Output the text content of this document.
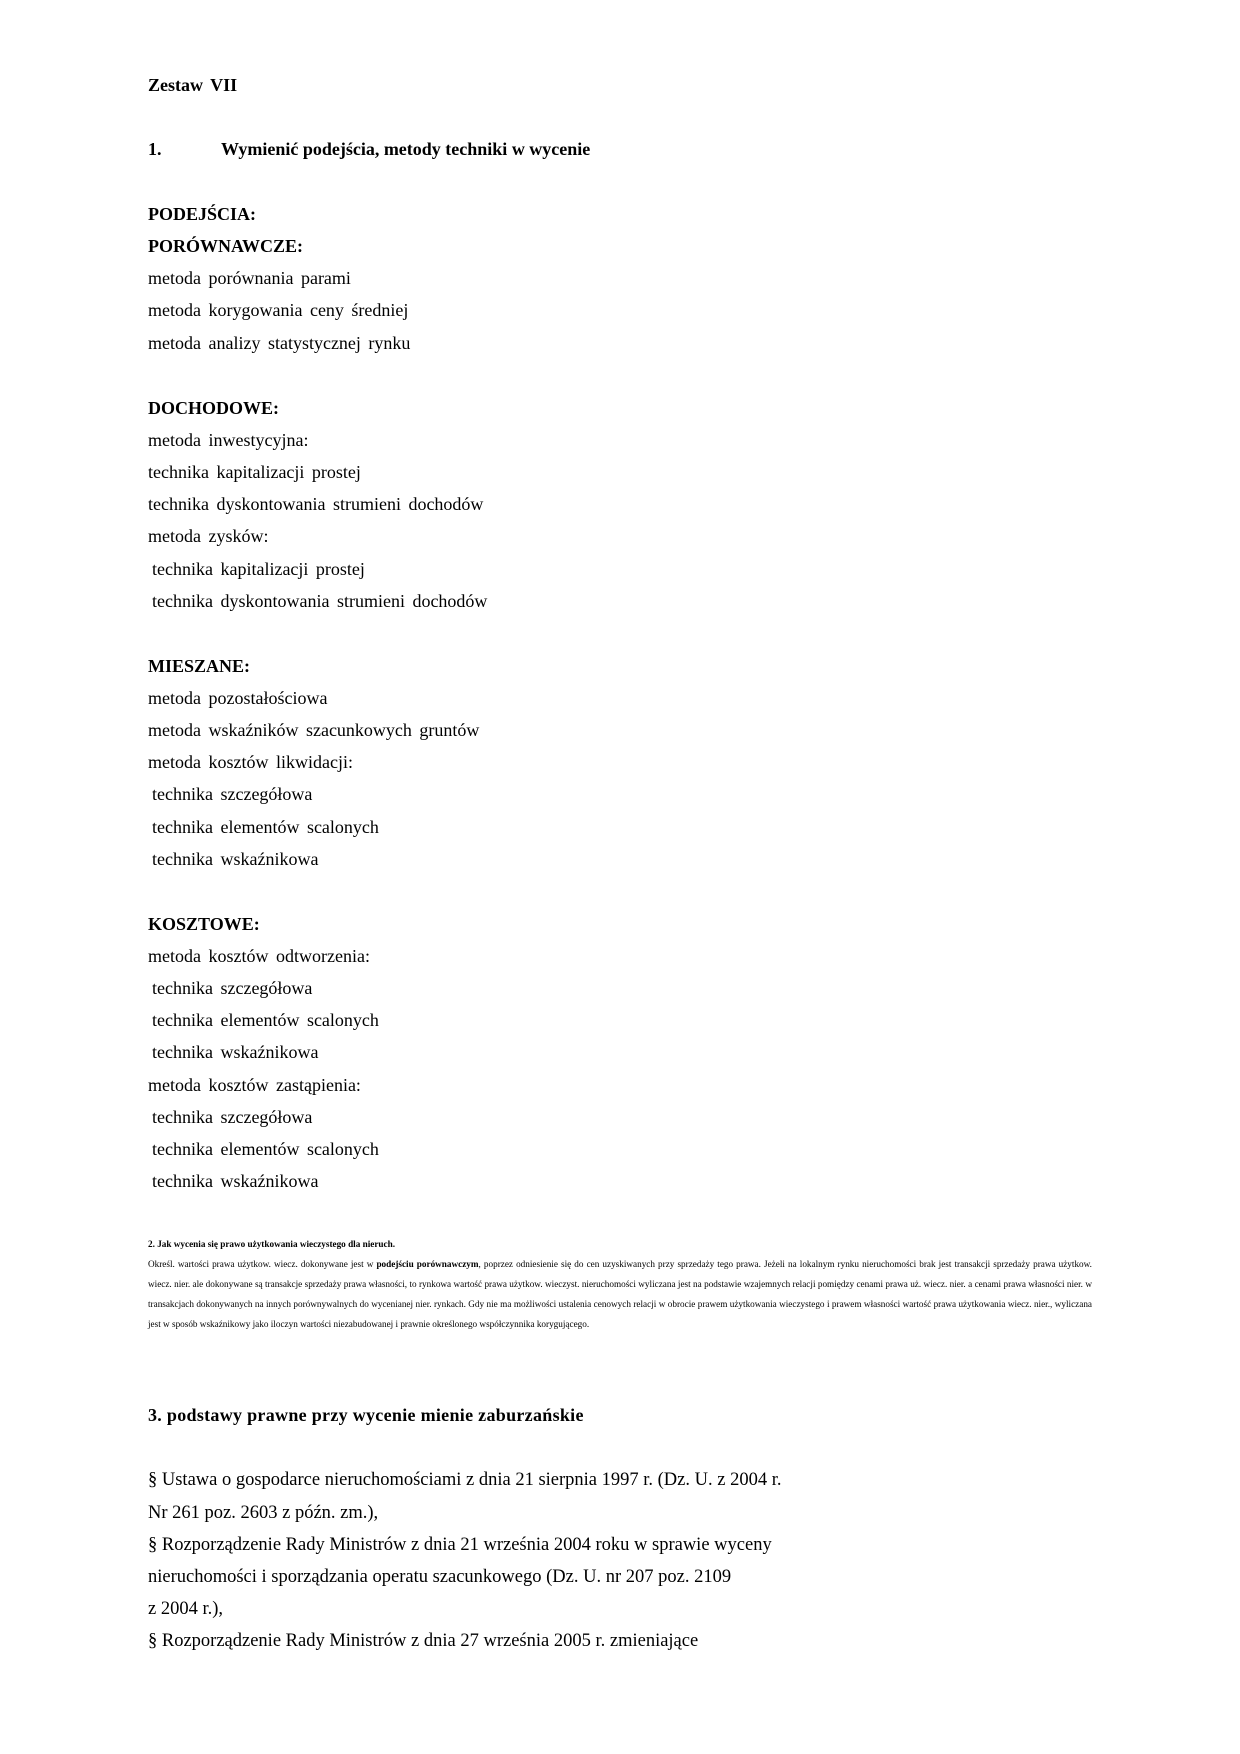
Zestaw VII
1.	Wymienić podejścia, metody techniki w wycenie
PODEJŚCIA:
PORÓWNAWCZE:
metoda porównania parami
metoda korygowania ceny średniej
metoda analizy statystycznej rynku
DOCHODOWE:
metoda inwestycyjna:
technika kapitalizacji prostej
technika dyskontowania strumieni dochodów
metoda zysków:
technika kapitalizacji prostej
technika dyskontowania strumieni dochodów
MIESZANE:
metoda pozostałościowa
metoda wskaźników szacunkowych gruntów
metoda kosztów likwidacji:
technika szczegółowa
technika elementów scalonych
technika wskaźnikowa
KOSZTOWE:
metoda kosztów odtworzenia:
technika szczegółowa
technika elementów scalonych
technika wskaźnikowa
metoda kosztów zastąpienia:
technika szczegółowa
technika elementów scalonych
technika wskaźnikowa
2. Jak wycenia się prawo użytkowania wieczystego dla nieruch.
Określ. wartości prawa użytkow. wiecz. dokonywane jest w podejściu porównawczym, poprzez odniesienie się do cen uzyskiwanych przy sprzedaży tego prawa. Jeżeli na lokalnym rynku nieruchomości brak jest transakcji sprzedaży prawa użytkow. wiecz. nier. ale dokonywane są transakcje sprzedaży prawa własności, to rynkowa wartość prawa użytkow. wieczyst. nieruchomości wyliczana jest na podstawie wzajemnych relacji pomiędzy cenami prawa uż. wiecz. nier. a cenami prawa własności nier. w transakcjach dokonywanych na innych porównywalnych do wycenianej nier. rynkach. Gdy nie ma możliwości ustalenia cenowych relacji w obrocie prawem użytkowania wieczystego i prawem własności wartość prawa użytkowania wiecz. nier., wyliczana jest w sposób wskaźnikowy jako iloczyn wartości niezabudowanej i prawnie określonego współczynnika korygującego.
3. podstawy prawne przy wycenie mienie zaburzańskie
§ Ustawa o gospodarce nieruchomościami z dnia 21 sierpnia 1997 r. (Dz. U. z 2004 r.
Nr 261 poz. 2603 z późn. zm.),
§ Rozporządzenie Rady Ministrów z dnia 21 września 2004 roku w sprawie wyceny
nieruchomości i sporządzania operatu szacunkowego (Dz. U. nr 207 poz. 2109
z 2004 r.),
§ Rozporządzenie Rady Ministrów z dnia 27 września 2005 r. zmieniające
